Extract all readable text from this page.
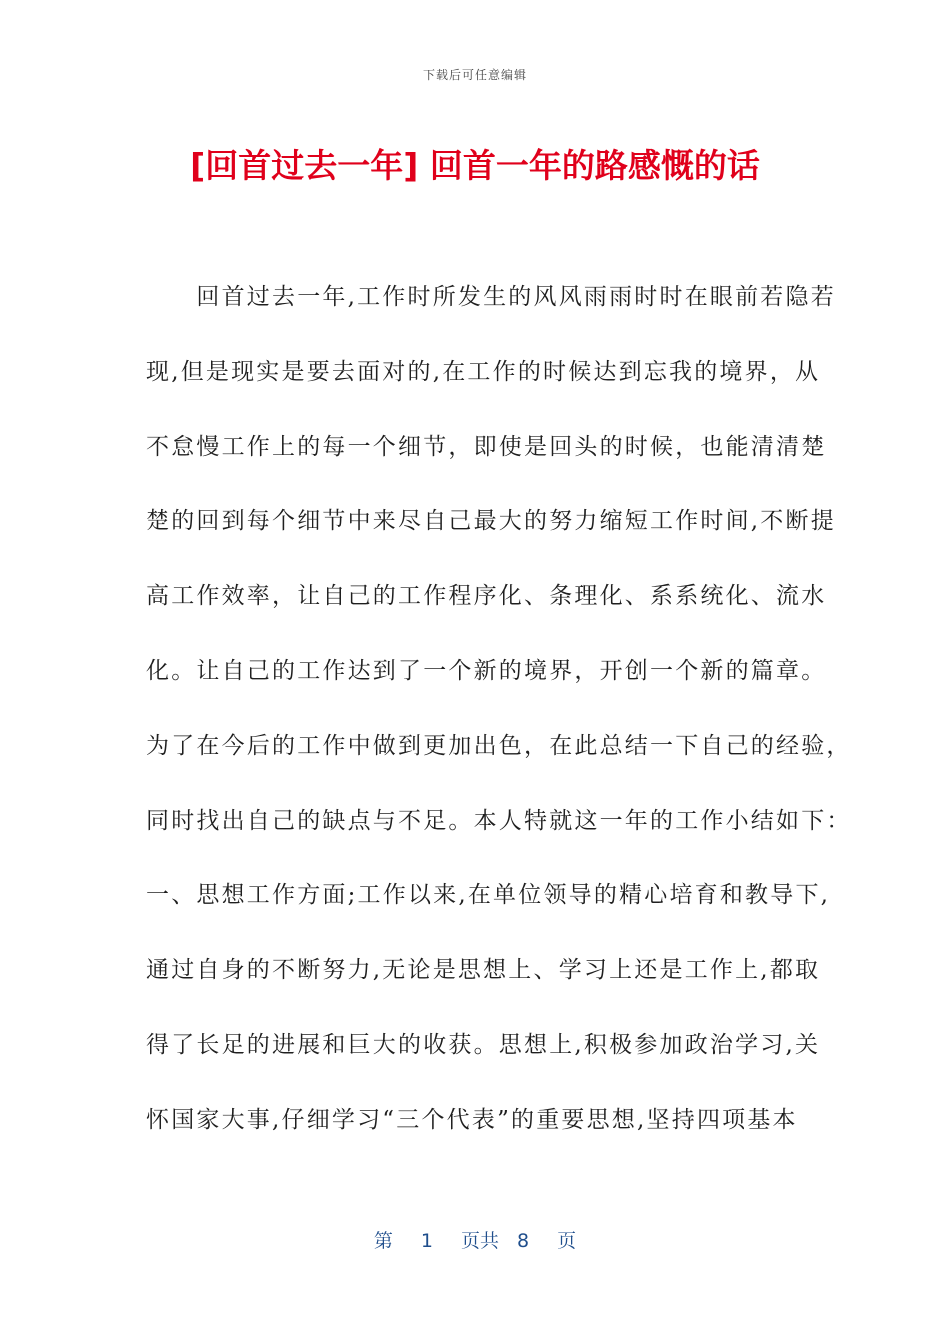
下载后可任意编辑
[回首过去一年] 回首一年的路感慨的话
　　回首过去一年,工作时所发生的风风雨雨时时在眼前若隐若
现,但是现实是要去面对的,在工作的时候达到忘我的境界，从
不怠慢工作上的每一个细节，即使是回头的时候，也能清清楚
楚的回到每个细节中来尽自己最大的努力缩短工作时间,不断提
高工作效率，让自己的工作程序化、条理化、系系统化、流水
化。让自己的工作达到了一个新的境界，开创一个新的篇章。
为了在今后的工作中做到更加出色，在此总结一下自己的经验，
同时找出自己的缺点与不足。本人特就这一年的工作小结如下：
一、思想工作方面;工作以来,在单位领导的精心培育和教导下,
通过自身的不断努力,无论是思想上、学习上还是工作上,都取
得了长足的进展和巨大的收获。思想上,积极参加政治学习,关
怀国家大事,仔细学习“三个代表”的重要思想,坚持四项基本
第 1 页共 8 页
